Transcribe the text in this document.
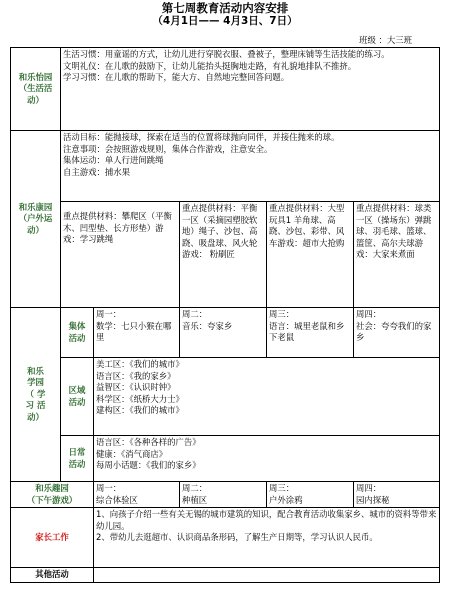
第七周教育活动内容安排
（4月1日—— 4月3日、7日）
班级 ：大三班
和乐怡园
（生活活动）	生活习惯：用童谣的方式，让幼儿进行穿脱衣服、叠被子，整理床铺等生活技能的练习。
文明礼仪：在儿歌的鼓励下，让幼儿能抬头挺胸地走路，有礼貌地排队不推挤。
学习习惯：在儿歌的帮助下，能大方、自然地完整回答问题。				

和乐康园
（户外运动）	活动目标：能抛接球，探索在适当的位置将球抛向同伴，并接住抛来的球。
注意事项：会按照游戏规则，集体合作游戏，注意安全。
集体运动：单人行进间跳绳
自主游戏：捕水果				

重点提供材料：攀爬区（平衡木、凹型垫、长方形垫）游戏：学习跳绳		重点提供材料：平衡一区（采摘园塑胶软地）绳子、沙包、高跷、吸盘球、风火轮游戏： 粉刷匠	重点提供材料：大型玩具1 羊角球、高跷、沙包、彩带、风车游戏：超市大抢购	重点提供材料：球类一区（操场东）弹跳球、羽毛球、篮球、篮筐、高尔夫球游戏：大家来煮面

和乐
学园
（ 学
习 活
动）	集体
活动	周一：
数学：七只小猴在哪里	周二：
音乐：夸家乡	周三：
语言：城里老鼠和乡下老鼠	周四：
社会：夸夸我们的家乡

	区域
活动	美工区：《我们的城市》
语言区：《我的家乡》
益智区：《认识时钟》
科学区：《纸桥大力士》
建构区：《我们的城市》			

	日常
活动	语言区：《各种各样的广告》
健康：《消气商店》
每周小话题：《我们的家乡》			

和乐趣园
（下午游戏）		周一：
综合体验区	周二：
种植区	周三：
户外涂鸦	周四：
园内探秘

家长工作		1、向孩子介绍一些有关无锡的城市建筑的知识，配合教育活动收集家乡、城市的资料等带来幼儿园。
2、带幼儿去逛超市、认识商品条形码，了解生产日期等，学习认识人民币。			

其他活动					
